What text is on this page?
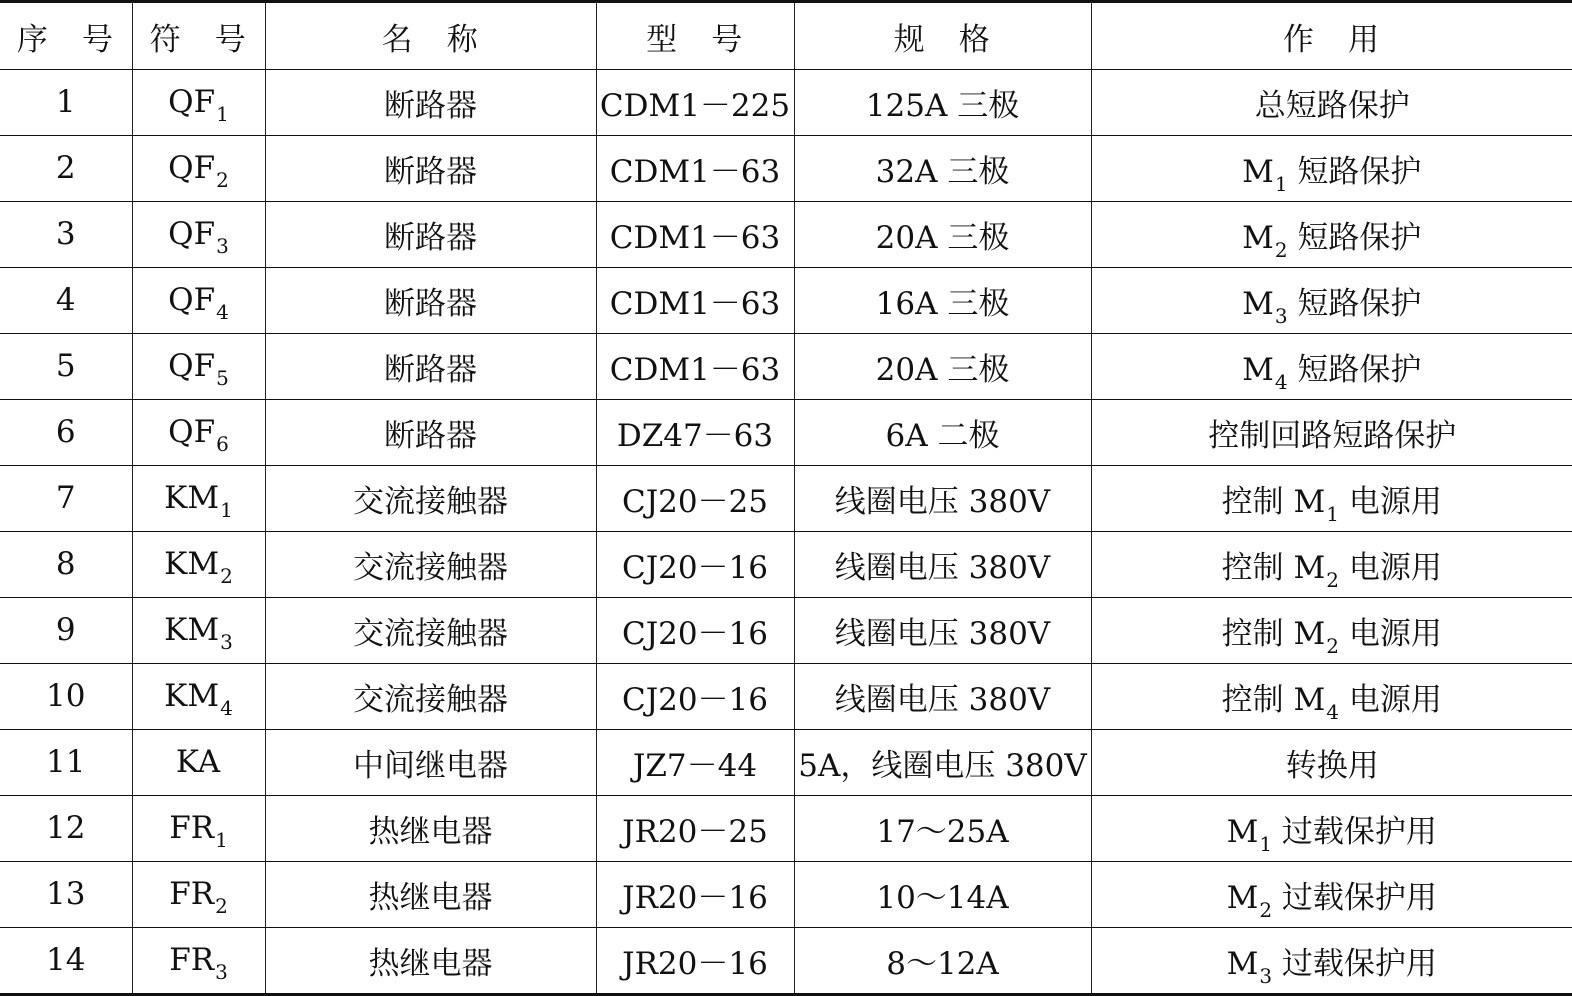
序　号	符　号	名　称	型　号	规　格	作　用
1	$QF_1$	断路器	CDM1－225	125A 三极	总短路保护
2	$QF_2$	断路器	CDM1－63	32A 三极	$M_1$ 短路保护
3	$QF_3$	断路器	CDM1－63	20A 三极	$M_2$ 短路保护
4	$QF_4$	断路器	CDM1－63	16A 三极	$M_3$ 短路保护
5	$QF_5$	断路器	CDM1－63	20A 三极	$M_4$ 短路保护
6	$QF_6$	断路器	DZ47－63	6A 二极	控制回路短路保护
7	$KM_1$	交流接触器	CJ20－25	线圈电压 380V	控制 $M_1$ 电源用
8	$KM_2$	交流接触器	CJ20－16	线圈电压 380V	控制 $M_2$ 电源用
9	$KM_3$	交流接触器	CJ20－16	线圈电压 380V	控制 $M_2$ 电源用
10	$KM_4$	交流接触器	CJ20－16	线圈电压 380V	控制 $M_4$ 电源用
11	KA	中间继电器	JZ7－44	5A，线圈电压 380V	转换用
12	$FR_1$	热继电器	JR20－25	17～25A	$M_1$ 过载保护用
13	$FR_2$	热继电器	JR20－16	10～14A	$M_2$ 过载保护用
14	$FR_3$	热继电器	JR20－16	8～12A	$M_3$ 过载保护用
